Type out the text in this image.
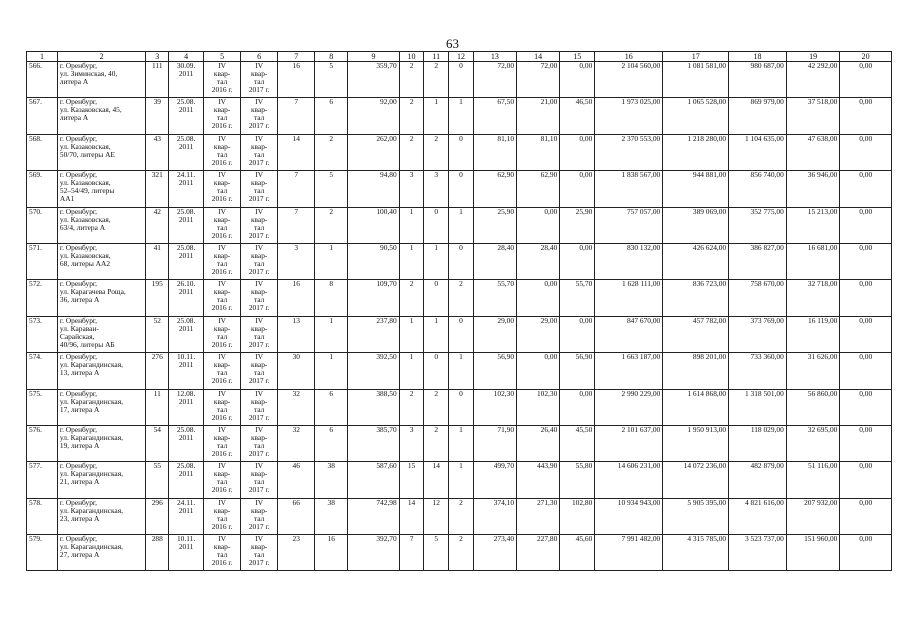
63
1	2	3	4	5	6	7	8	9	10	11	12	13	14	15	16	17	18	19	20
566.	г. Оренбург,
ул. Зиминская, 40,
литера А	111	30.09.
2011	IV
квар-
тал
2016 г.	IV
квар-
тал
2017 г.	16	5	359,70	2	2	0	72,00	72,00	0,00	2 104 560,00	1 081 581,00	980 687,00	42 292,00	0,00
567.	г. Оренбург,
ул. Казаковская, 45,
литера А	39	25.08.
2011	IV
квар-
тал
2016 г.	IV
квар-
тал
2017 г.	7	6	92,00	2	1	1	67,50	21,00	46,50	1 973 025,00	1 065 528,00	869 979,00	37 518,00	0,00
568.	г. Оренбург,
ул. Казаковская,
50/70, литеры АЕ	43	25.08.
2011	IV
квар-
тал
2016 г.	IV
квар-
тал
2017 г.	14	2	262,00	2	2	0	81,10	81,10	0,00	2 370 553,00	1 218 280,00	1 104 635,00	47 638,00	0,00
569.	г. Оренбург,
ул. Казаковская,
52–54/49, литеры
АА1	321	24.11.
2011	IV
квар-
тал
2016 г.	IV
квар-
тал
2017 г.	7	5	94,80	3	3	0	62,90	62,90	0,00	1 838 567,00	944 881,00	856 740,00	36 946,00	0,00
570.	г. Оренбург,
ул. Казаковская,
63/4, литера А	42	25.08.
2011	IV
квар-
тал
2016 г.	IV
квар-
тал
2017 г.	7	2	100,40	1	0	1	25,90	0,00	25,90	757 057,00	389 069,00	352 775,00	15 213,00	0,00
571.	г. Оренбург,
ул. Казаковская,
68, литеры АА2	41	25.08.
2011	IV
квар-
тал
2016 г.	IV
квар-
тал
2017 г.	3	1	90,50	1	1	0	28,40	28,40	0,00	830 132,00	426 624,00	386 827,00	16 681,00	0,00
572.	г. Оренбург,
ул. Карагачева Роща,
36, литера А	195	26.10.
2011	IV
квар-
тал
2016 г.	IV
квар-
тал
2017 г.	16	8	109,70	2	0	2	55,70	0,00	55,70	1 628 111,00	836 723,00	758 670,00	32 718,00	0,00
573.	г. Оренбург,
ул. Караван-
Сарайская,
40/96, литеры АБ	52	25.08.
2011	IV
квар-
тал
2016 г.	IV
квар-
тал
2017 г.	13	1	237,80	1	1	0	29,00	29,00	0,00	847 670,00	457 782,00	373 769,00	16 119,00	0,00
574.	г. Оренбург,
ул. Карагандинская,
13, литера А	276	10.11.
2011	IV
квар-
тал
2016 г.	IV
квар-
тал
2017 г.	30	1	392,50	1	0	1	56,90	0,00	56,90	1 663 187,00	898 201,00	733 360,00	31 626,00	0,00
575.	г. Оренбург,
ул. Карагандинская,
17, литера А	11	12.08.
2011	IV
квар-
тал
2016 г.	IV
квар-
тал
2017 г.	32	6	388,50	2	2	0	102,30	102,30	0,00	2 990 229,00	1 614 868,00	1 318 501,00	56 860,00	0,00
576.	г. Оренбург,
ул. Карагандинская,
19, литера А	54	25.08.
2011	IV
квар-
тал
2016 г.	IV
квар-
тал
2017 г.	32	6	385,70	3	2	1	71,90	26,40	45,50	2 101 637,00	1 950 913,00	118 029,00	32 695,00	0,00
577.	г. Оренбург,
ул. Карагандинская,
21, литера А	55	25.08.
2011	IV
квар-
тал
2016 г.	IV
квар-
тал
2017 г.	46	38	587,60	15	14	1	499,70	443,90	55,80	14 606 231,00	14 072 236,00	482 879,00	51 116,00	0,00
578.	г. Оренбург,
ул. Карагандинская,
23, литера А	296	24.11.
2011	IV
квар-
тал
2016 г.	IV
квар-
тал
2017 г.	66	38	742,98	14	12	2	374,10	271,30	102,80	10 934 943,00	5 905 395,00	4 821 616,00	207 932,00	0,00
579.	г. Оренбург,
ул. Карагандинская,
27, литера А	288	10.11.
2011	IV
квар-
тал
2016 г.	IV
квар-
тал
2017 г.	23	16	392,70	7	5	2	273,40	227,80	45,60	7 991 482,00	4 315 785,00	3 523 737,00	151 960,00	0,00
